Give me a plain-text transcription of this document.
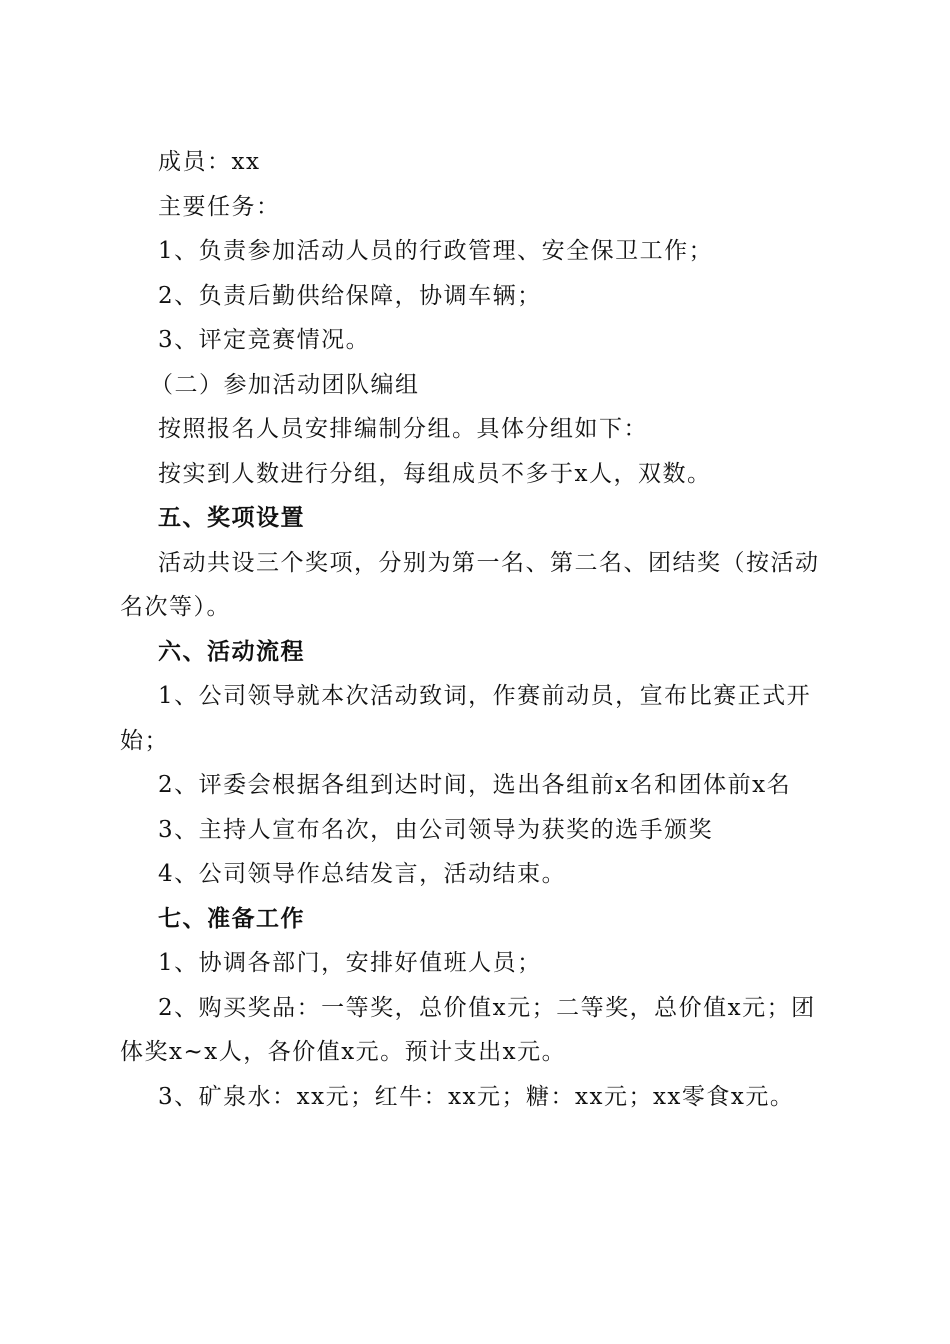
成员：xx

主要任务：

1、负责参加活动人员的行政管理、安全保卫工作；

2、负责后勤供给保障，协调车辆；

3、评定竞赛情况。

（二）参加活动团队编组

按照报名人员安排编制分组。具体分组如下：

按实到人数进行分组，每组成员不多于x人，双数。

五、奖项设置

活动共设三个奖项，分别为第一名、第二名、团结奖（按活动名次等）。

六、活动流程

1、公司领导就本次活动致词，作赛前动员，宣布比赛正式开始；

2、评委会根据各组到达时间，选出各组前x名和团体前x名

3、主持人宣布名次，由公司领导为获奖的选手颁奖

4、公司领导作总结发言，活动结束。

七、准备工作

1、协调各部门，安排好值班人员；

2、购买奖品：一等奖，总价值x元；二等奖，总价值x元；团体奖x~x人，各价值x元。预计支出x元。

3、矿泉水：xx元；红牛：xx元；糖：xx元；xx零食x元。
